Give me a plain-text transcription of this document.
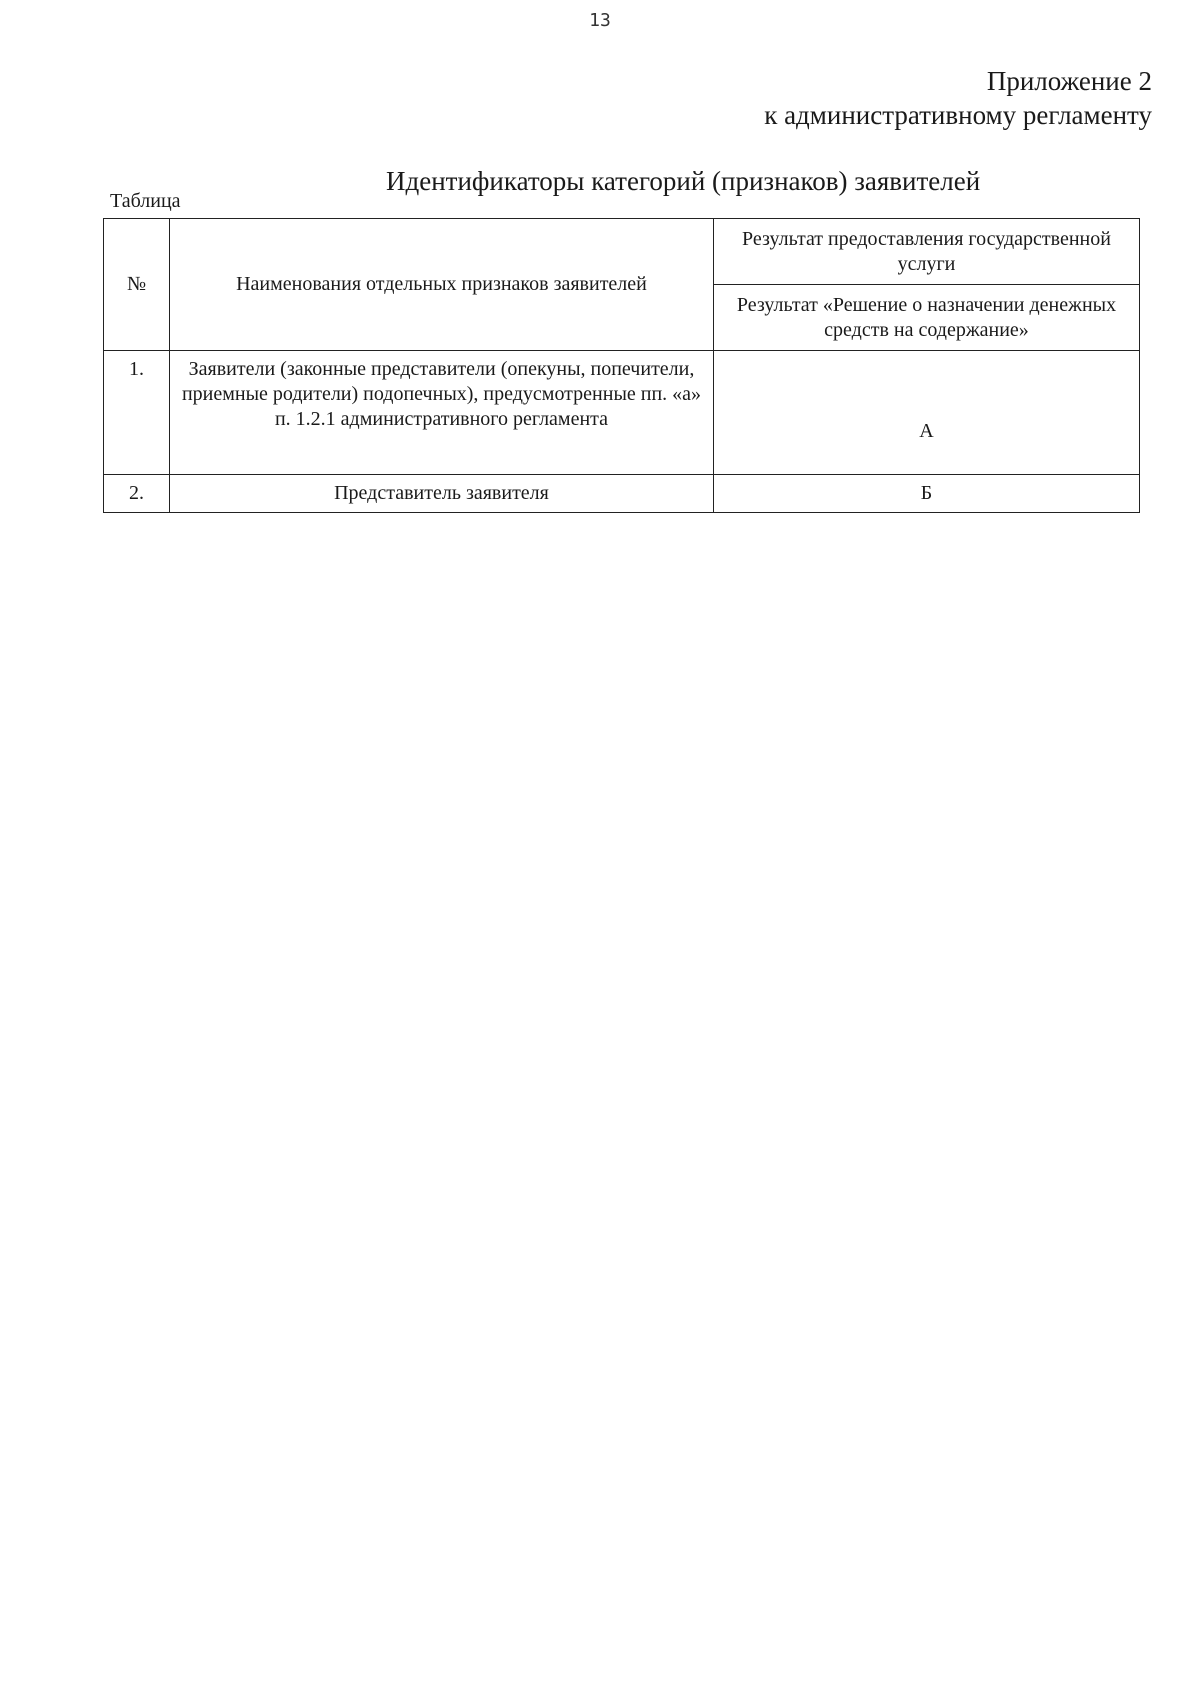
13
Приложение 2
к административному регламенту
Идентификаторы категорий (признаков) заявителей
Таблица
№	Наименования отдельных признаков заявителей	Результат предоставления государственной услуги
		Результат «Решение о назначении денежных средств на содержание»
1.	Заявители (законные представители (опекуны, попечители, приемные родители) подопечных), предусмотренные пп. «а» п. 1.2.1 административного регламента	А
2.	Представитель заявителя	Б
